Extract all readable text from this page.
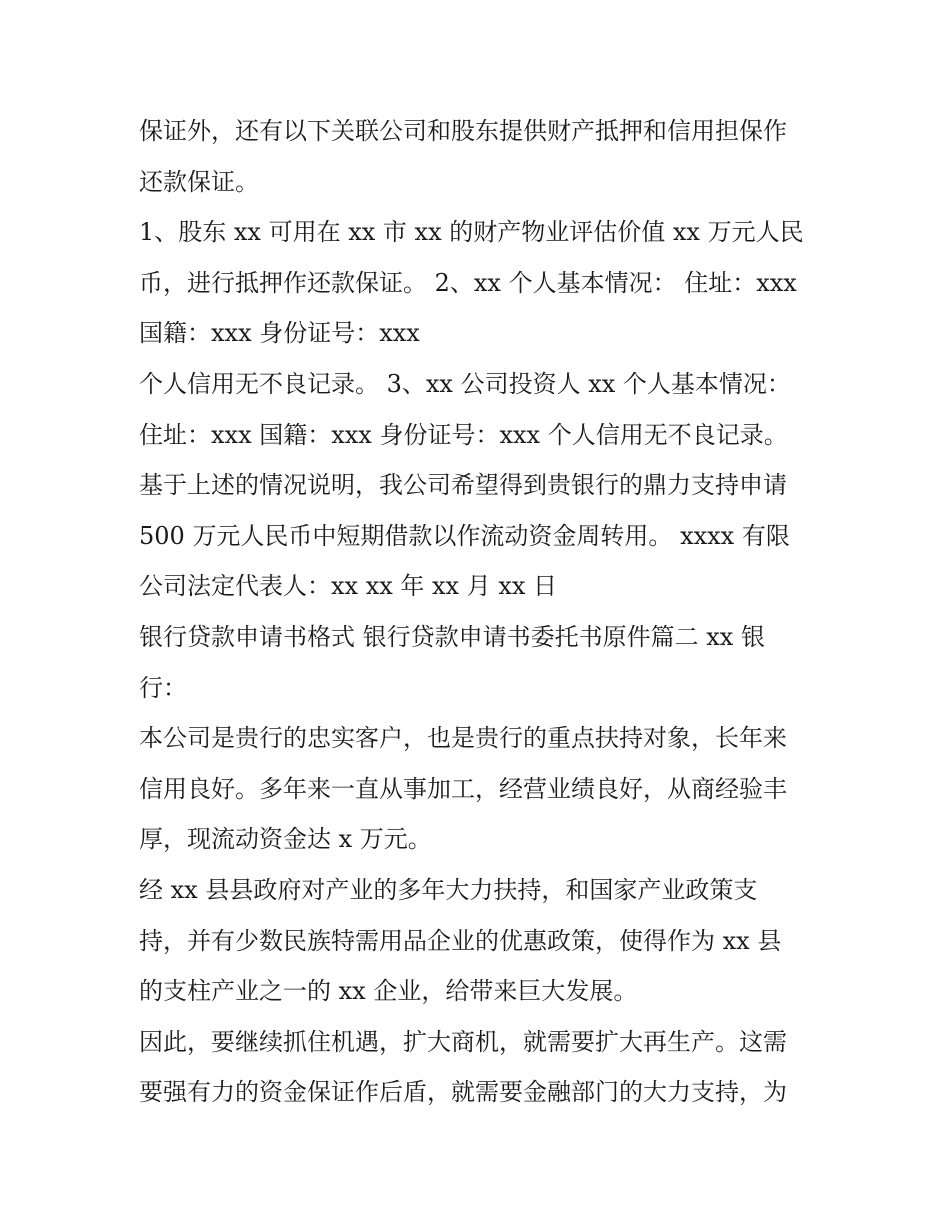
保证外，还有以下关联公司和股东提供财产抵押和信用担保作
还款保证。
1、股东 xx 可用在 xx 市 xx 的财产物业评估价值 xx 万元人民
币，进行抵押作还款保证。 2、xx 个人基本情况： 住址：xxx
国籍：xxx 身份证号：xxx
个人信用无不良记录。 3、xx 公司投资人 xx 个人基本情况：
住址：xxx 国籍：xxx 身份证号：xxx 个人信用无不良记录。
基于上述的情况说明，我公司希望得到贵银行的鼎力支持申请
500 万元人民币中短期借款以作流动资金周转用。 xxxx 有限
公司法定代表人：xx xx 年 xx 月 xx 日
银行贷款申请书格式 银行贷款申请书委托书原件篇二 xx 银
行：
本公司是贵行的忠实客户，也是贵行的重点扶持对象，长年来
信用良好。多年来一直从事加工，经营业绩良好，从商经验丰
厚，现流动资金达 x 万元。
经 xx 县县政府对产业的多年大力扶持，和国家产业政策支
持，并有少数民族特需用品企业的优惠政策，使得作为 xx 县
的支柱产业之一的 xx 企业，给带来巨大发展。
因此，要继续抓住机遇，扩大商机，就需要扩大再生产。这需
要强有力的资金保证作后盾，就需要金融部门的大力支持，为
